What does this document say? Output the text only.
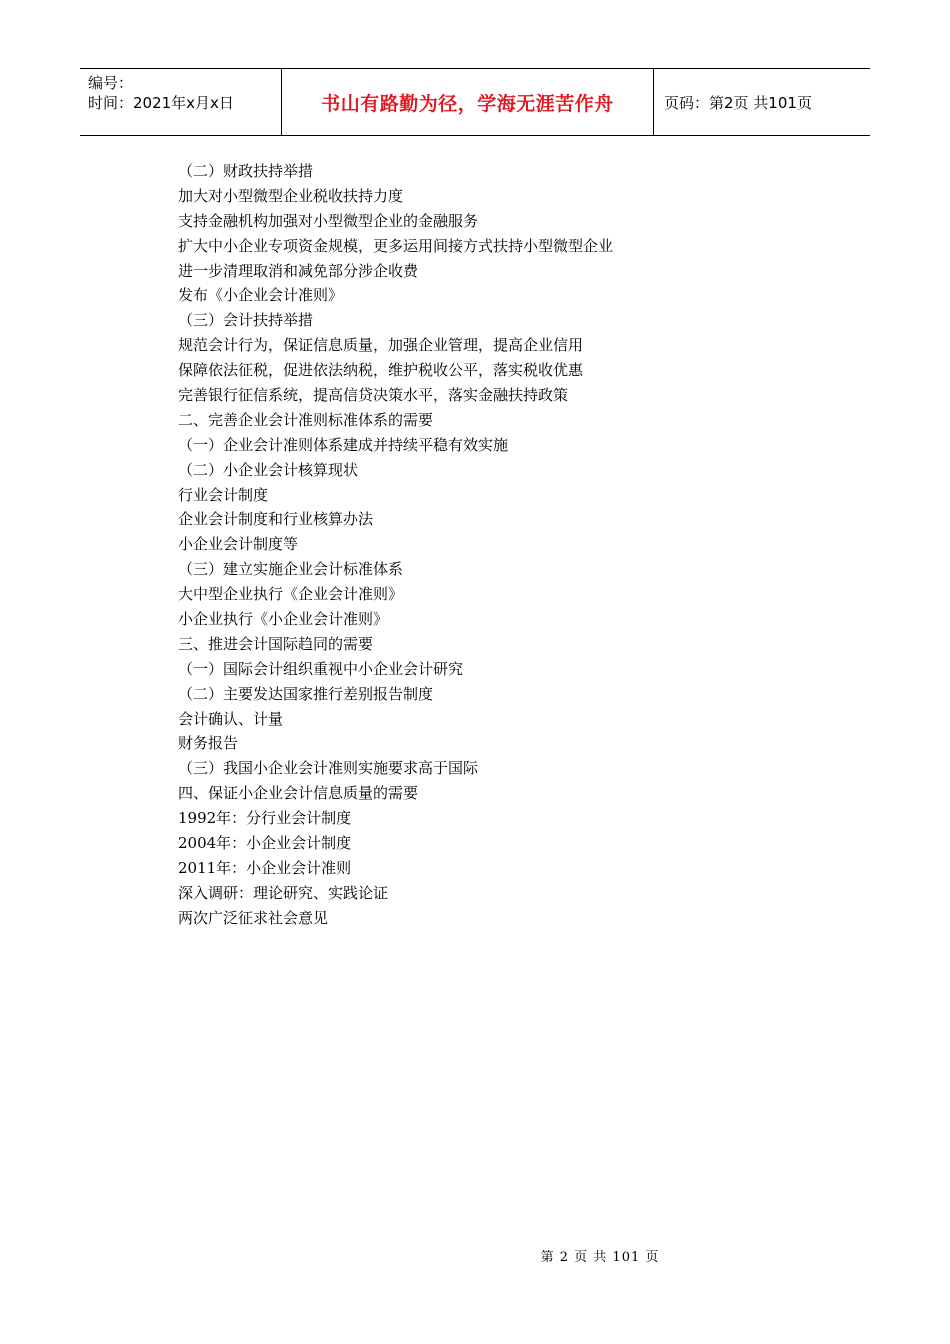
编号：
时间：2021年x月x日	书山有路勤为径，学海无涯苦作舟	页码：第2页 共101页
（二）财政扶持举措
加大对小型微型企业税收扶持力度
支持金融机构加强对小型微型企业的金融服务
扩大中小企业专项资金规模，更多运用间接方式扶持小型微型企业
进一步清理取消和减免部分涉企收费
发布《小企业会计准则》
（三）会计扶持举措
规范会计行为，保证信息质量，加强企业管理，提高企业信用
保障依法征税，促进依法纳税，维护税收公平，落实税收优惠
完善银行征信系统，提高信贷决策水平，落实金融扶持政策
二、完善企业会计准则标准体系的需要
（一）企业会计准则体系建成并持续平稳有效实施
（二）小企业会计核算现状
行业会计制度
企业会计制度和行业核算办法
小企业会计制度等
（三）建立实施企业会计标准体系
大中型企业执行《企业会计准则》
小企业执行《小企业会计准则》
三、推进会计国际趋同的需要
（一）国际会计组织重视中小企业会计研究
（二）主要发达国家推行差别报告制度
会计确认、计量
财务报告
（三）我国小企业会计准则实施要求高于国际
四、保证小企业会计信息质量的需要
1992年：分行业会计制度
2004年：小企业会计制度
2011年：小企业会计准则
深入调研：理论研究、实践论证
两次广泛征求社会意见
第 2 页 共 101 页
